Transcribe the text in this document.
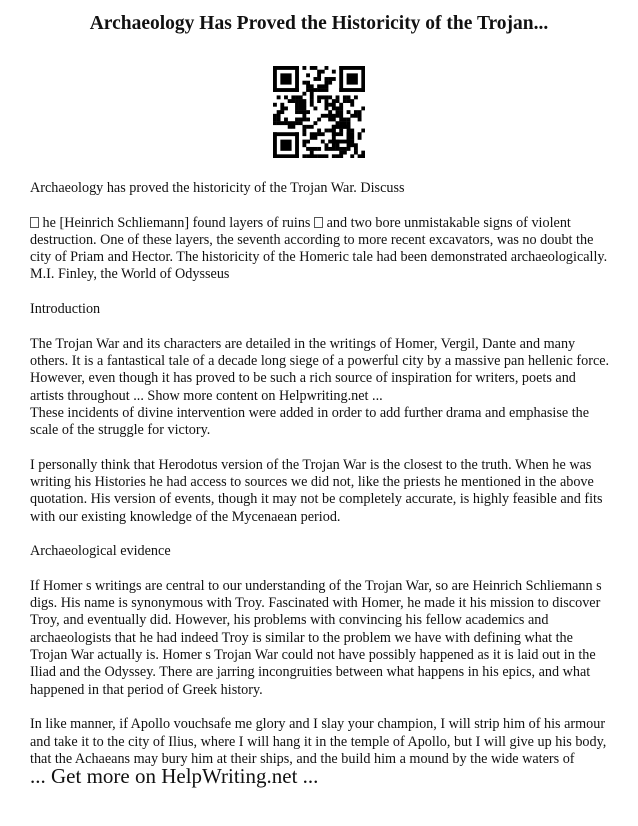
Archaeology Has Proved the Historicity of the Trojan...

Archaeology has proved the historicity of the Trojan War. Discuss

he [Heinrich Schliemann] found layers of ruins  and two bore unmistakable signs of violent destruction. One of these layers, the seventh according to more recent excavators, was no doubt the city of Priam and Hector. The historicity of the Homeric tale had been demonstrated archaeologically. M.I. Finley, the World of Odysseus

Introduction

The Trojan War and its characters are detailed in the writings of Homer, Vergil, Dante and many others. It is a fantastical tale of a decade long siege of a powerful city by a massive pan hellenic force. However, even though it has proved to be such a rich source of inspiration for writers, poets and artists throughout ... Show more content on Helpwriting.net ...

These incidents of divine intervention were added in order to add further drama and emphasise the scale of the struggle for victory.

I personally think that Herodotus version of the Trojan War is the closest to the truth. When he was writing his Histories he had access to sources we did not, like the priests he mentioned in the above quotation. His version of events, though it may not be completely accurate, is highly feasible and fits with our existing knowledge of the Mycenaean period.

Archaeological evidence

If Homer s writings are central to our understanding of the Trojan War, so are Heinrich Schliemann s digs. His name is synonymous with Troy. Fascinated with Homer, he made it his mission to discover Troy, and eventually did. However, his problems with convincing his fellow academics and archaeologists that he had indeed Troy is similar to the problem we have with defining what the Trojan War actually is. Homer s Trojan War could not have possibly happened as it is laid out in the Iliad and the Odyssey. There are jarring incongruities between what happens in his epics, and what happened in that period of Greek history.

In like manner, if Apollo vouchsafe me glory and I slay your champion, I will strip him of his armour and take it to the city of Ilius, where I will hang it in the temple of Apollo, but I will give up his body, that the Achaeans may bury him at their ships, and the build him a mound by the wide waters of

... Get more on HelpWriting.net ...
